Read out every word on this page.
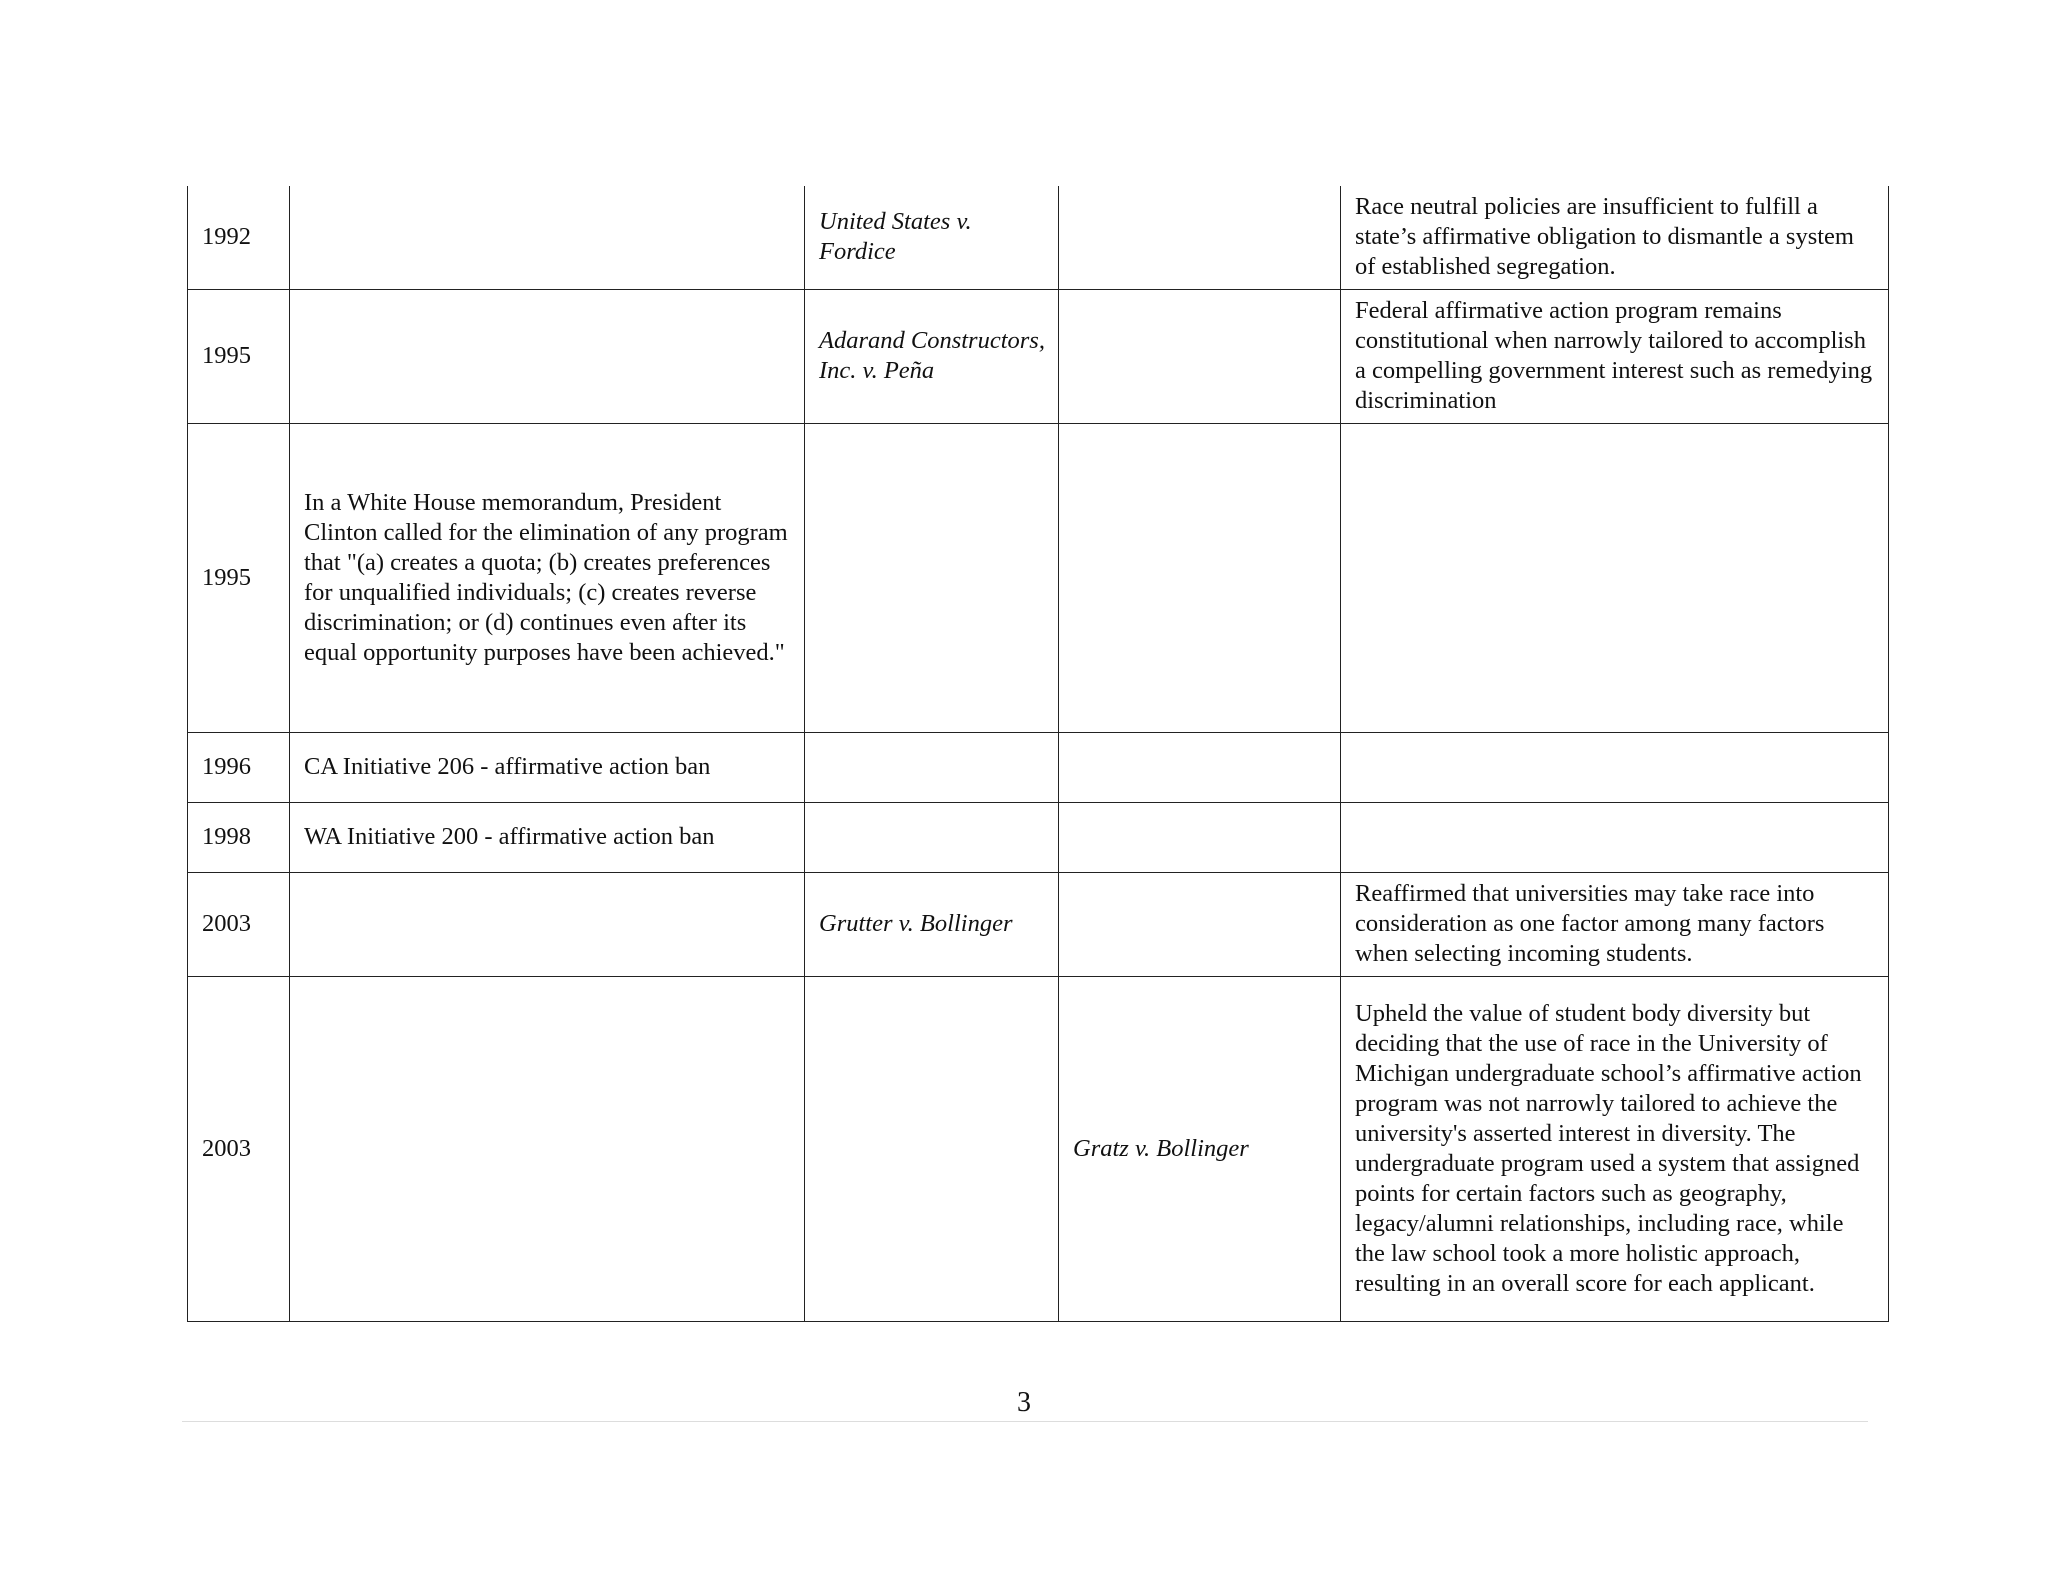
1992		United States v. Fordice		Race neutral policies are insufficient to fulfill a state’s affirmative obligation to dismantle a system of established segregation.
1995		Adarand Constructors, Inc. v. Peña		Federal affirmative action program remains constitutional when narrowly tailored to accomplish a compelling government interest such as remedying discrimination
1995	In a White House memorandum, President Clinton called for the elimination of any program that "(a) creates a quota; (b) creates preferences for unqualified individuals; (c) creates reverse discrimination; or (d) continues even after its equal opportunity purposes have been achieved."			
1996	CA Initiative 206 - affirmative action ban			
1998	WA Initiative 200 - affirmative action ban			
2003		Grutter v. Bollinger		Reaffirmed that universities may take race into consideration as one factor among many factors when selecting incoming students.
2003			Gratz v. Bollinger	Upheld the value of student body diversity but deciding that the use of race in the University of Michigan undergraduate school’s affirmative action program was not narrowly tailored to achieve the university's asserted interest in diversity. The undergraduate program used a system that assigned points for certain factors such as geography, legacy/alumni relationships, including race, while the law school took a more holistic approach, resulting in an overall score for each applicant.
3
